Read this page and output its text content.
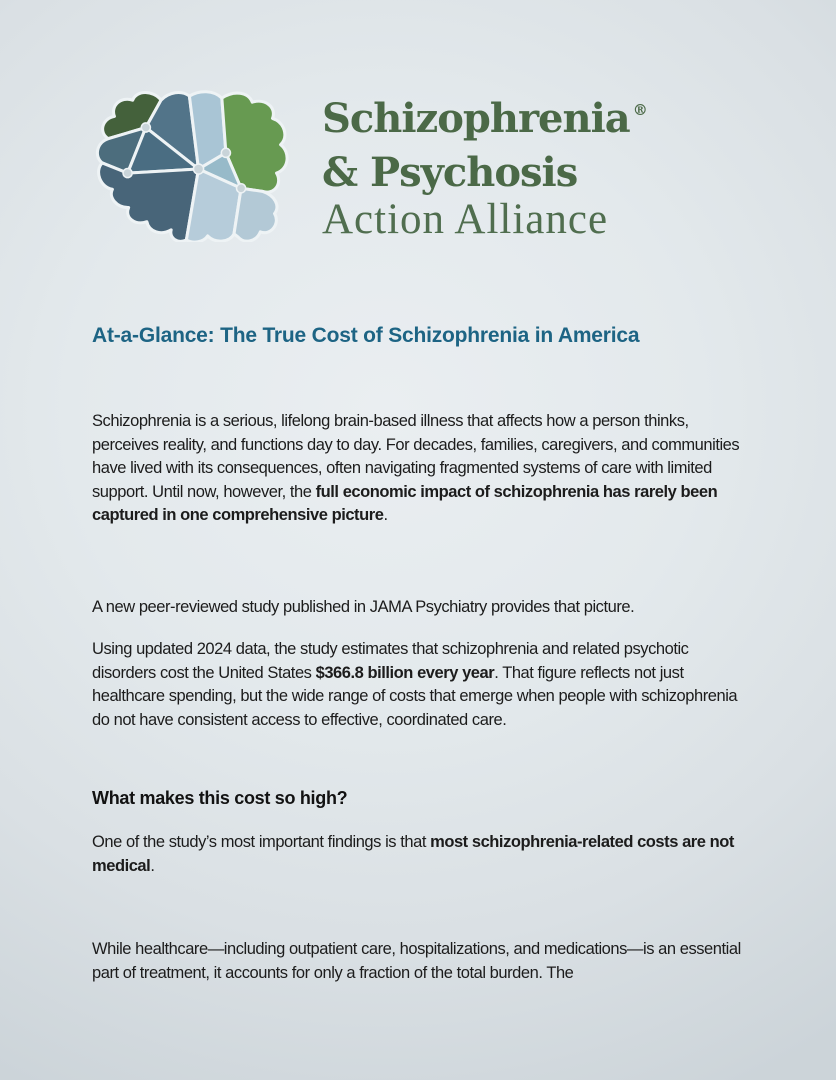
Schizophrenia ®
& Psychosis
Action Alliance
At-a-Glance: The True Cost of Schizophrenia in America
Schizophrenia is a serious, lifelong brain-based illness that affects how a person thinks, perceives reality, and functions day to day. For decades, families, caregivers, and communities have lived with its consequences, often navigating fragmented systems of care with limited support. Until now, however, the full economic impact of schizophrenia has rarely been captured in one comprehensive picture.
A new peer-reviewed study published in JAMA Psychiatry provides that picture.
Using updated 2024 data, the study estimates that schizophrenia and related psychotic disorders cost the United States $366.8 billion every year. That figure reflects not just healthcare spending, but the wide range of costs that emerge when people with schizophrenia do not have consistent access to effective, coordinated care.
What makes this cost so high?
One of the study’s most important findings is that most schizophrenia-related costs are not medical.
While healthcare—including outpatient care, hospitalizations, and medications—is an essential part of treatment, it accounts for only a fraction of the total burden. The
